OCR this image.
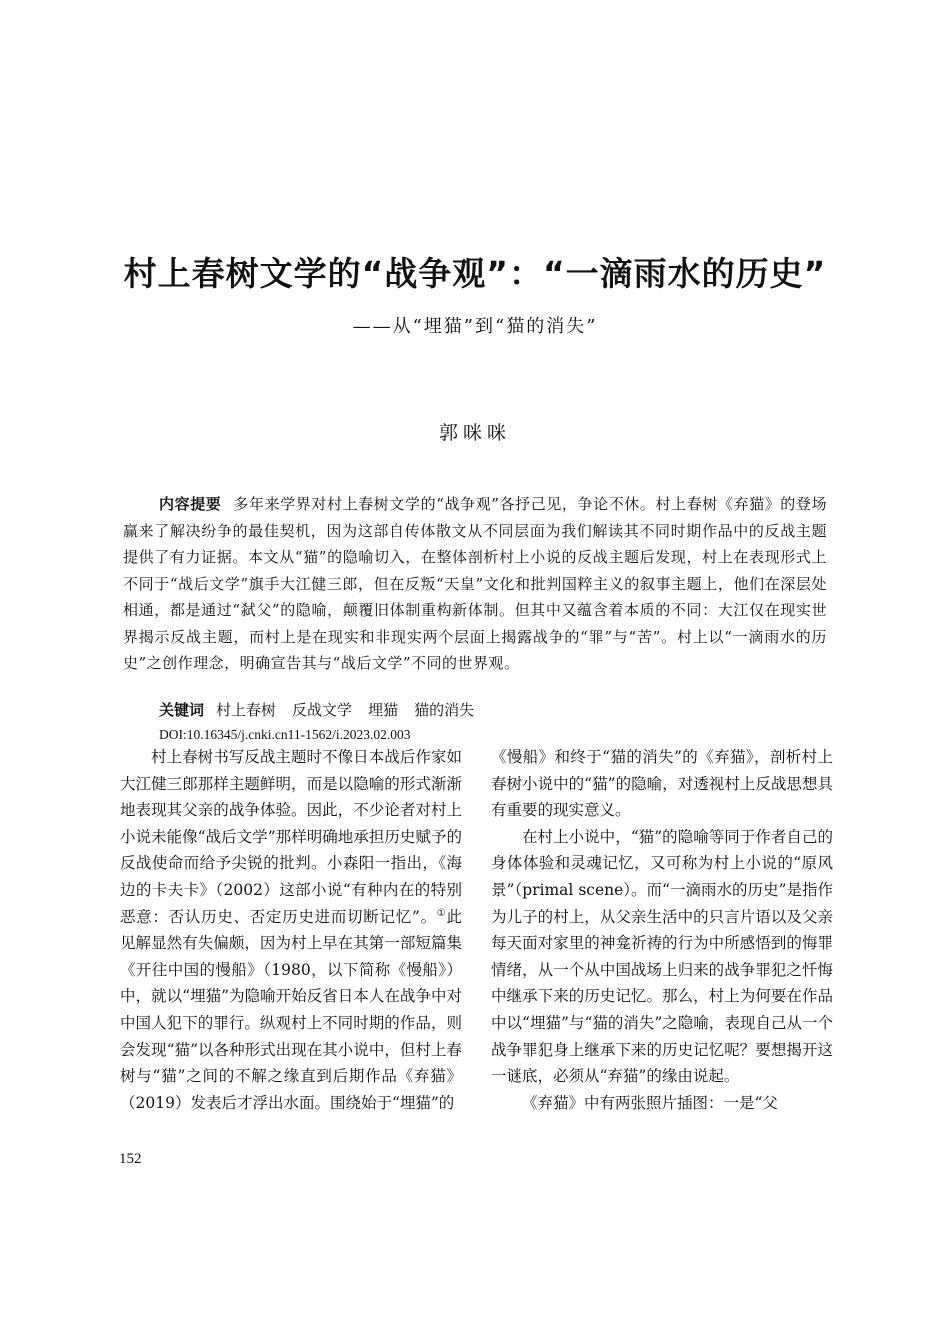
村上春树文学的“战争观”：“一滴雨水的历史”
——从“埋猫”到“猫的消失”
郭咪咪

内容提要 多年来学界对村上春树文学的“战争观”各抒己见，争论不休。村上春树《弃猫》的登场赢来了解决纷争的最佳契机，因为这部自传体散文从不同层面为我们解读其不同时期作品中的反战主题提供了有力证据。本文从“猫”的隐喻切入，在整体剖析村上小说的反战主题后发现，村上在表现形式上不同于“战后文学”旗手大江健三郎，但在反叛“天皇”文化和批判国粹主义的叙事主题上，他们在深层处相通，都是通过“弑父”的隐喻，颠覆旧体制重构新体制。但其中又蕴含着本质的不同：大江仅在现实世界揭示反战主题，而村上是在现实和非现实两个层面上揭露战争的“罪”与“苦”。村上以“一滴雨水的历史”之创作理念，明确宣告其与“战后文学”不同的世界观。

关键词 村上春树 反战文学 埋猫 猫的消失

DOI:10.16345/j.cnki.cn11-1562/i.2023.02.003

村上春树书写反战主题时不像日本战后作家如大江健三郎那样主题鲜明，而是以隐喻的形式渐渐地表现其父亲的战争体验。因此，不少论者对村上小说未能像“战后文学”那样明确地承担历史赋予的反战使命而给予尖锐的批判。小森阳一指出，《海边的卡夫卡》（2002）这部小说“有种内在的特别恶意：否认历史、否定历史进而切断记忆”。①此见解显然有失偏颇，因为村上早在其第一部短篇集《开往中国的慢船》（1980，以下简称《慢船》）中，就以“埋猫”为隐喻开始反省日本人在战争中对中国人犯下的罪行。纵观村上不同时期的作品，则会发现“猫”以各种形式出现在其小说中，但村上春树与“猫”之间的不解之缘直到后期作品《弃猫》（2019）发表后才浮出水面。围绕始于“埋猫”的

《慢船》和终于“猫的消失”的《弃猫》，剖析村上春树小说中的“猫”的隐喻，对透视村上反战思想具有重要的现实意义。

在村上小说中，“猫”的隐喻等同于作者自己的身体体验和灵魂记忆，又可称为村上小说的“原风景”（primal scene）。而“一滴雨水的历史”是指作为儿子的村上，从父亲生活中的只言片语以及父亲每天面对家里的神龛祈祷的行为中所感悟到的悔罪情绪，从一个从中国战场上归来的战争罪犯之忏悔中继承下来的历史记忆。那么，村上为何要在作品中以“埋猫”与“猫的消失”之隐喻，表现自己从一个战争罪犯身上继承下来的历史记忆呢？要想揭开这一谜底，必须从“弃猫”的缘由说起。

《弃猫》中有两张照片插图：一是“父

152
